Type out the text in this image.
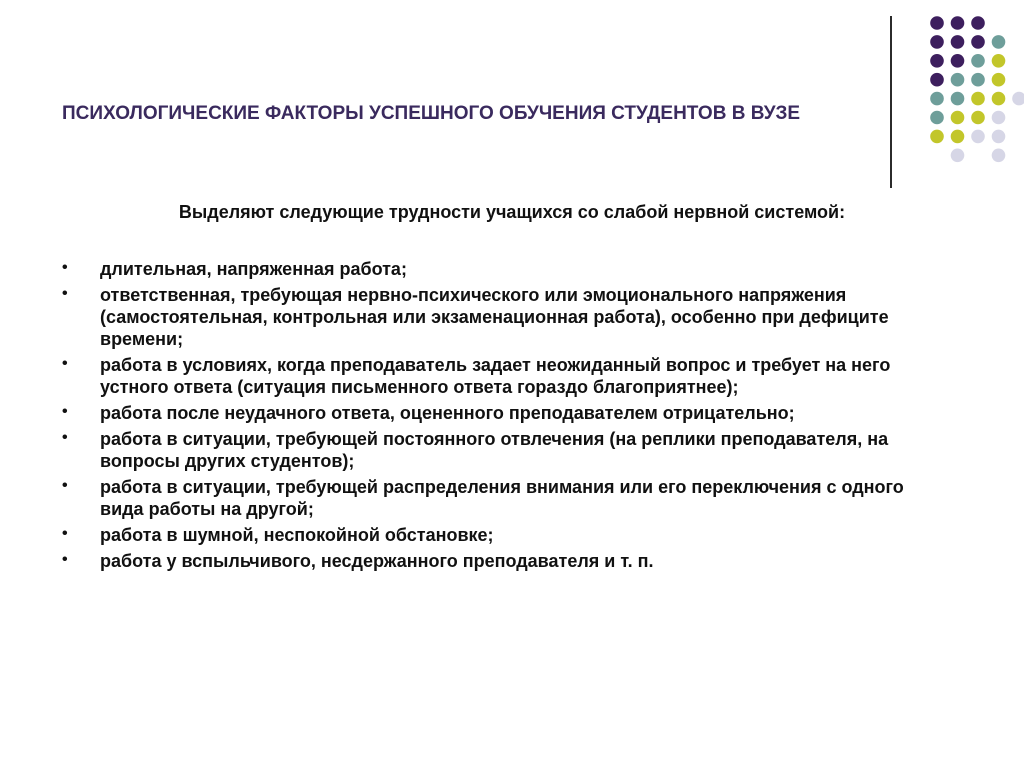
ПСИХОЛОГИЧЕСКИЕ ФАКТОРЫ УСПЕШНОГО ОБУЧЕНИЯ СТУДЕНТОВ В ВУЗЕ

Выделяют следующие трудности учащихся со слабой нервной системой:

• длительная, напряженная работа;
• ответственная, требующая нервно-психического или эмоционального напряжения (самостоятельная, контрольная или экзаменационная работа), особенно при дефиците времени;
• работа в условиях, когда преподаватель задает неожиданный вопрос и требует на него устного ответа (ситуация письменного ответа гораздо благоприятнее);
• работа после неудачного ответа, оцененного преподавателем отрицательно;
• работа в ситуации, требующей постоянного отвлечения (на реплики преподавателя, на вопросы других студентов);
• работа в ситуации, требующей распределения внимания или его переключения с одного вида работы на другой;
• работа в шумной, неспокойной обстановке;
• работа у вспыльчивого, несдержанного преподавателя и т. п.
